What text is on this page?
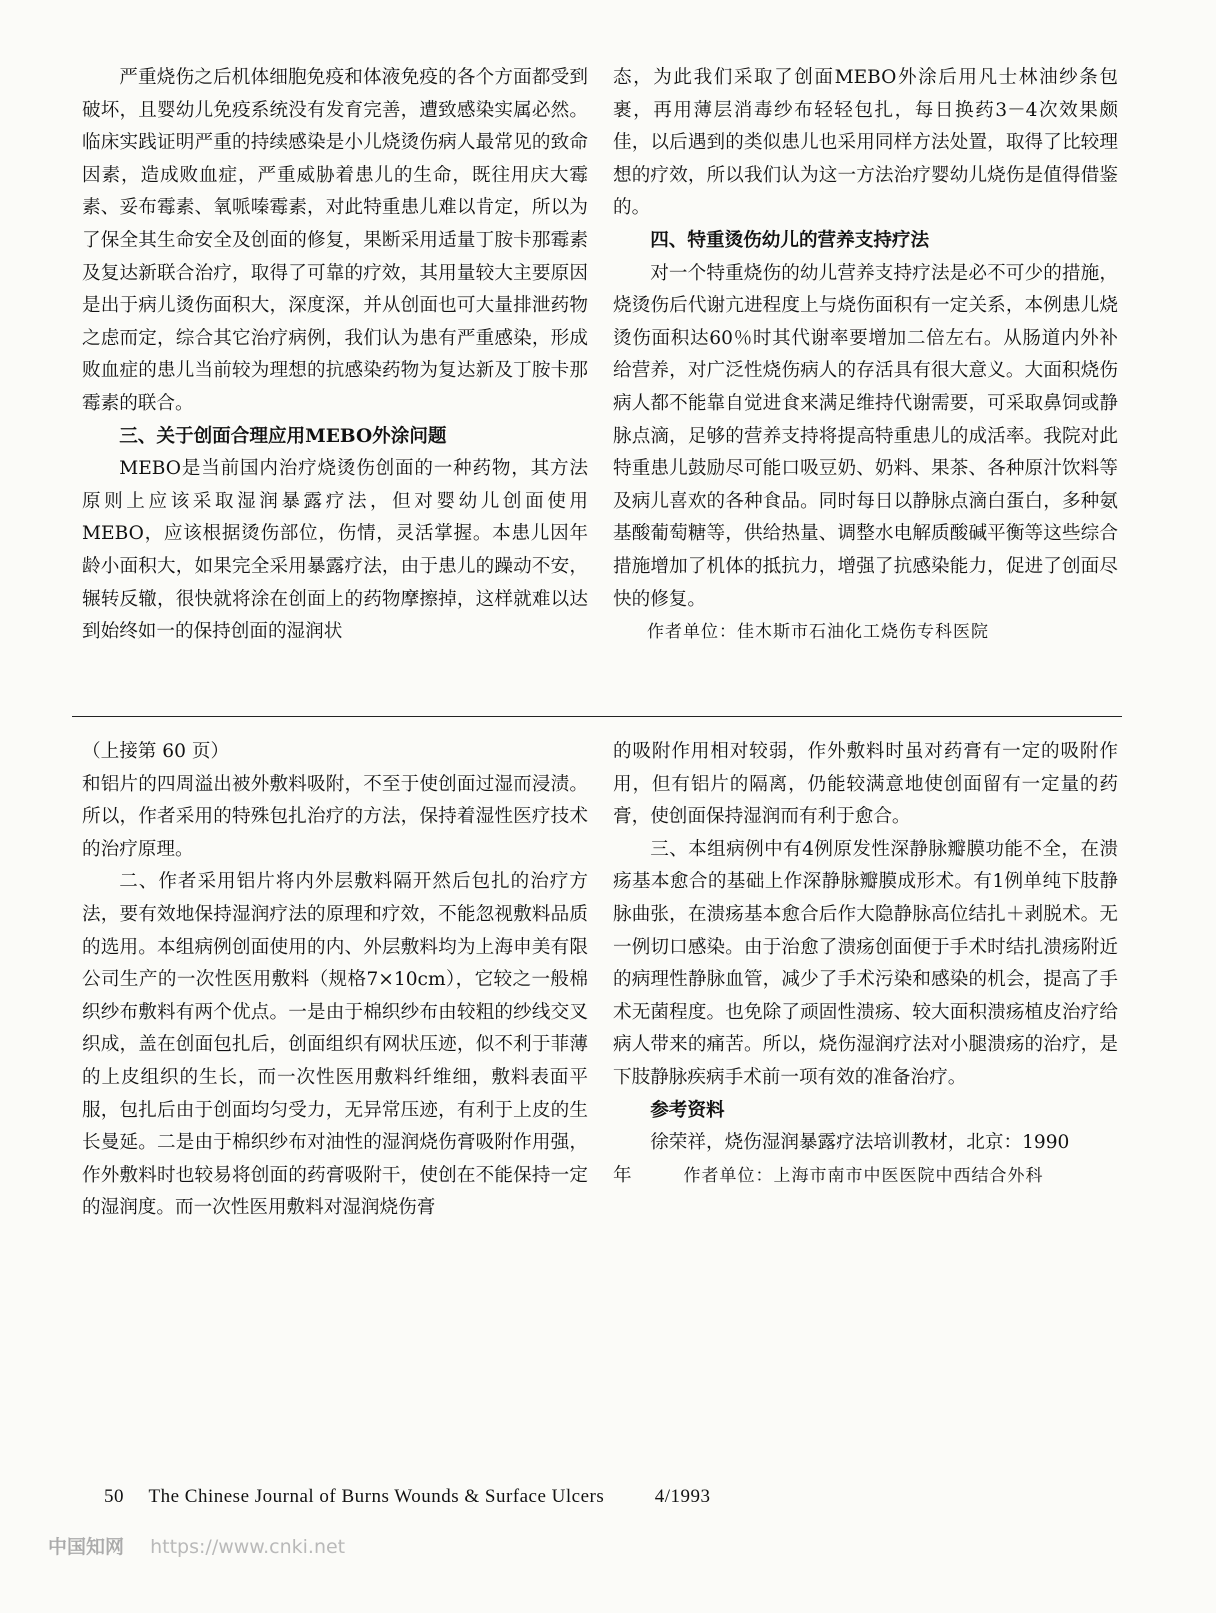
严重烧伤之后机体细胞免疫和体液免疫的各个方面都受到破坏，且婴幼儿免疫系统没有发育完善，遭致感染实属必然。临床实践证明严重的持续感染是小儿烧烫伤病人最常见的致命因素，造成败血症，严重威胁着患儿的生命，既往用庆大霉素、妥布霉素、氧哌嗪霉素，对此特重患儿难以肯定，所以为了保全其生命安全及创面的修复，果断采用适量丁胺卡那霉素及复达新联合治疗，取得了可靠的疗效，其用量较大主要原因是出于病儿烫伤面积大，深度深，并从创面也可大量排泄药物之虑而定，综合其它治疗病例，我们认为患有严重感染，形成败血症的患儿当前较为理想的抗感染药物为复达新及丁胺卡那霉素的联合。

三、关于创面合理应用MEBO外涂问题

MEBO是当前国内治疗烧烫伤创面的一种药物，其方法原则上应该采取湿润暴露疗法，但对婴幼儿创面使用MEBO，应该根据烫伤部位，伤情，灵活掌握。本患儿因年龄小面积大，如果完全采用暴露疗法，由于患儿的躁动不安，辗转反辙，很快就将涂在创面上的药物摩擦掉，这样就难以达到始终如一的保持创面的湿润状

态，为此我们采取了创面MEBO外涂后用凡士林油纱条包裹，再用薄层消毒纱布轻轻包扎，每日换药3－4次效果颇佳，以后遇到的类似患儿也采用同样方法处置，取得了比较理想的疗效，所以我们认为这一方法治疗婴幼儿烧伤是值得借鉴的。

四、特重烫伤幼儿的营养支持疗法

对一个特重烧伤的幼儿营养支持疗法是必不可少的措施，烧烫伤后代谢亢进程度上与烧伤面积有一定关系，本例患儿烧烫伤面积达60％时其代谢率要增加二倍左右。从肠道内外补给营养，对广泛性烧伤病人的存活具有很大意义。大面积烧伤病人都不能靠自觉进食来满足维持代谢需要，可采取鼻饲或静脉点滴，足够的营养支持将提高特重患儿的成活率。我院对此特重患儿鼓励尽可能口吸豆奶、奶料、果茶、各种原汁饮料等及病儿喜欢的各种食品。同时每日以静脉点滴白蛋白，多种氨基酸葡萄糖等，供给热量、调整水电解质酸碱平衡等这些综合措施增加了机体的抵抗力，增强了抗感染能力，促进了创面尽快的修复。

作者单位：佳木斯市石油化工烧伤专科医院

（上接第 60 页）

和铝片的四周溢出被外敷料吸附，不至于使创面过湿而浸渍。所以，作者采用的特殊包扎治疗的方法，保持着湿性医疗技术的治疗原理。

二、作者采用铝片将内外层敷料隔开然后包扎的治疗方法，要有效地保持湿润疗法的原理和疗效，不能忽视敷料品质的选用。本组病例创面使用的内、外层敷料均为上海申美有限公司生产的一次性医用敷料（规格7×10cm），它较之一般棉织纱布敷料有两个优点。一是由于棉织纱布由较粗的纱线交叉织成，盖在创面包扎后，创面组织有网状压迹，似不利于菲薄的上皮组织的生长，而一次性医用敷料纤维细，敷料表面平服，包扎后由于创面均匀受力，无异常压迹，有利于上皮的生长曼延。二是由于棉织纱布对油性的湿润烧伤膏吸附作用强，作外敷料时也较易将创面的药膏吸附干，使创在不能保持一定的湿润度。而一次性医用敷料对湿润烧伤膏

的吸附作用相对较弱，作外敷料时虽对药膏有一定的吸附作用，但有铝片的隔离，仍能较满意地使创面留有一定量的药膏，使创面保持湿润而有利于愈合。

三、本组病例中有4例原发性深静脉瓣膜功能不全，在溃疡基本愈合的基础上作深静脉瓣膜成形术。有1例单纯下肢静脉曲张，在溃疡基本愈合后作大隐静脉高位结扎＋剥脱术。无一例切口感染。由于治愈了溃疡创面便于手术时结扎溃疡附近的病理性静脉血管，减少了手术污染和感染的机会，提高了手术无菌程度。也免除了顽固性溃疡、较大面积溃疡植皮治疗给病人带来的痛苦。所以，烧伤湿润疗法对小腿溃疡的治疗，是下肢静脉疾病手术前一项有效的准备治疗。

参考资料

徐荣祥，烧伤湿润暴露疗法培训教材，北京：1990

年	作者单位：上海市南市中医医院中西结合外科

50 The Chinese Journal of Burns Wounds & Surface Ulcers	4/1993
中国知网 https://www.cnki.net
